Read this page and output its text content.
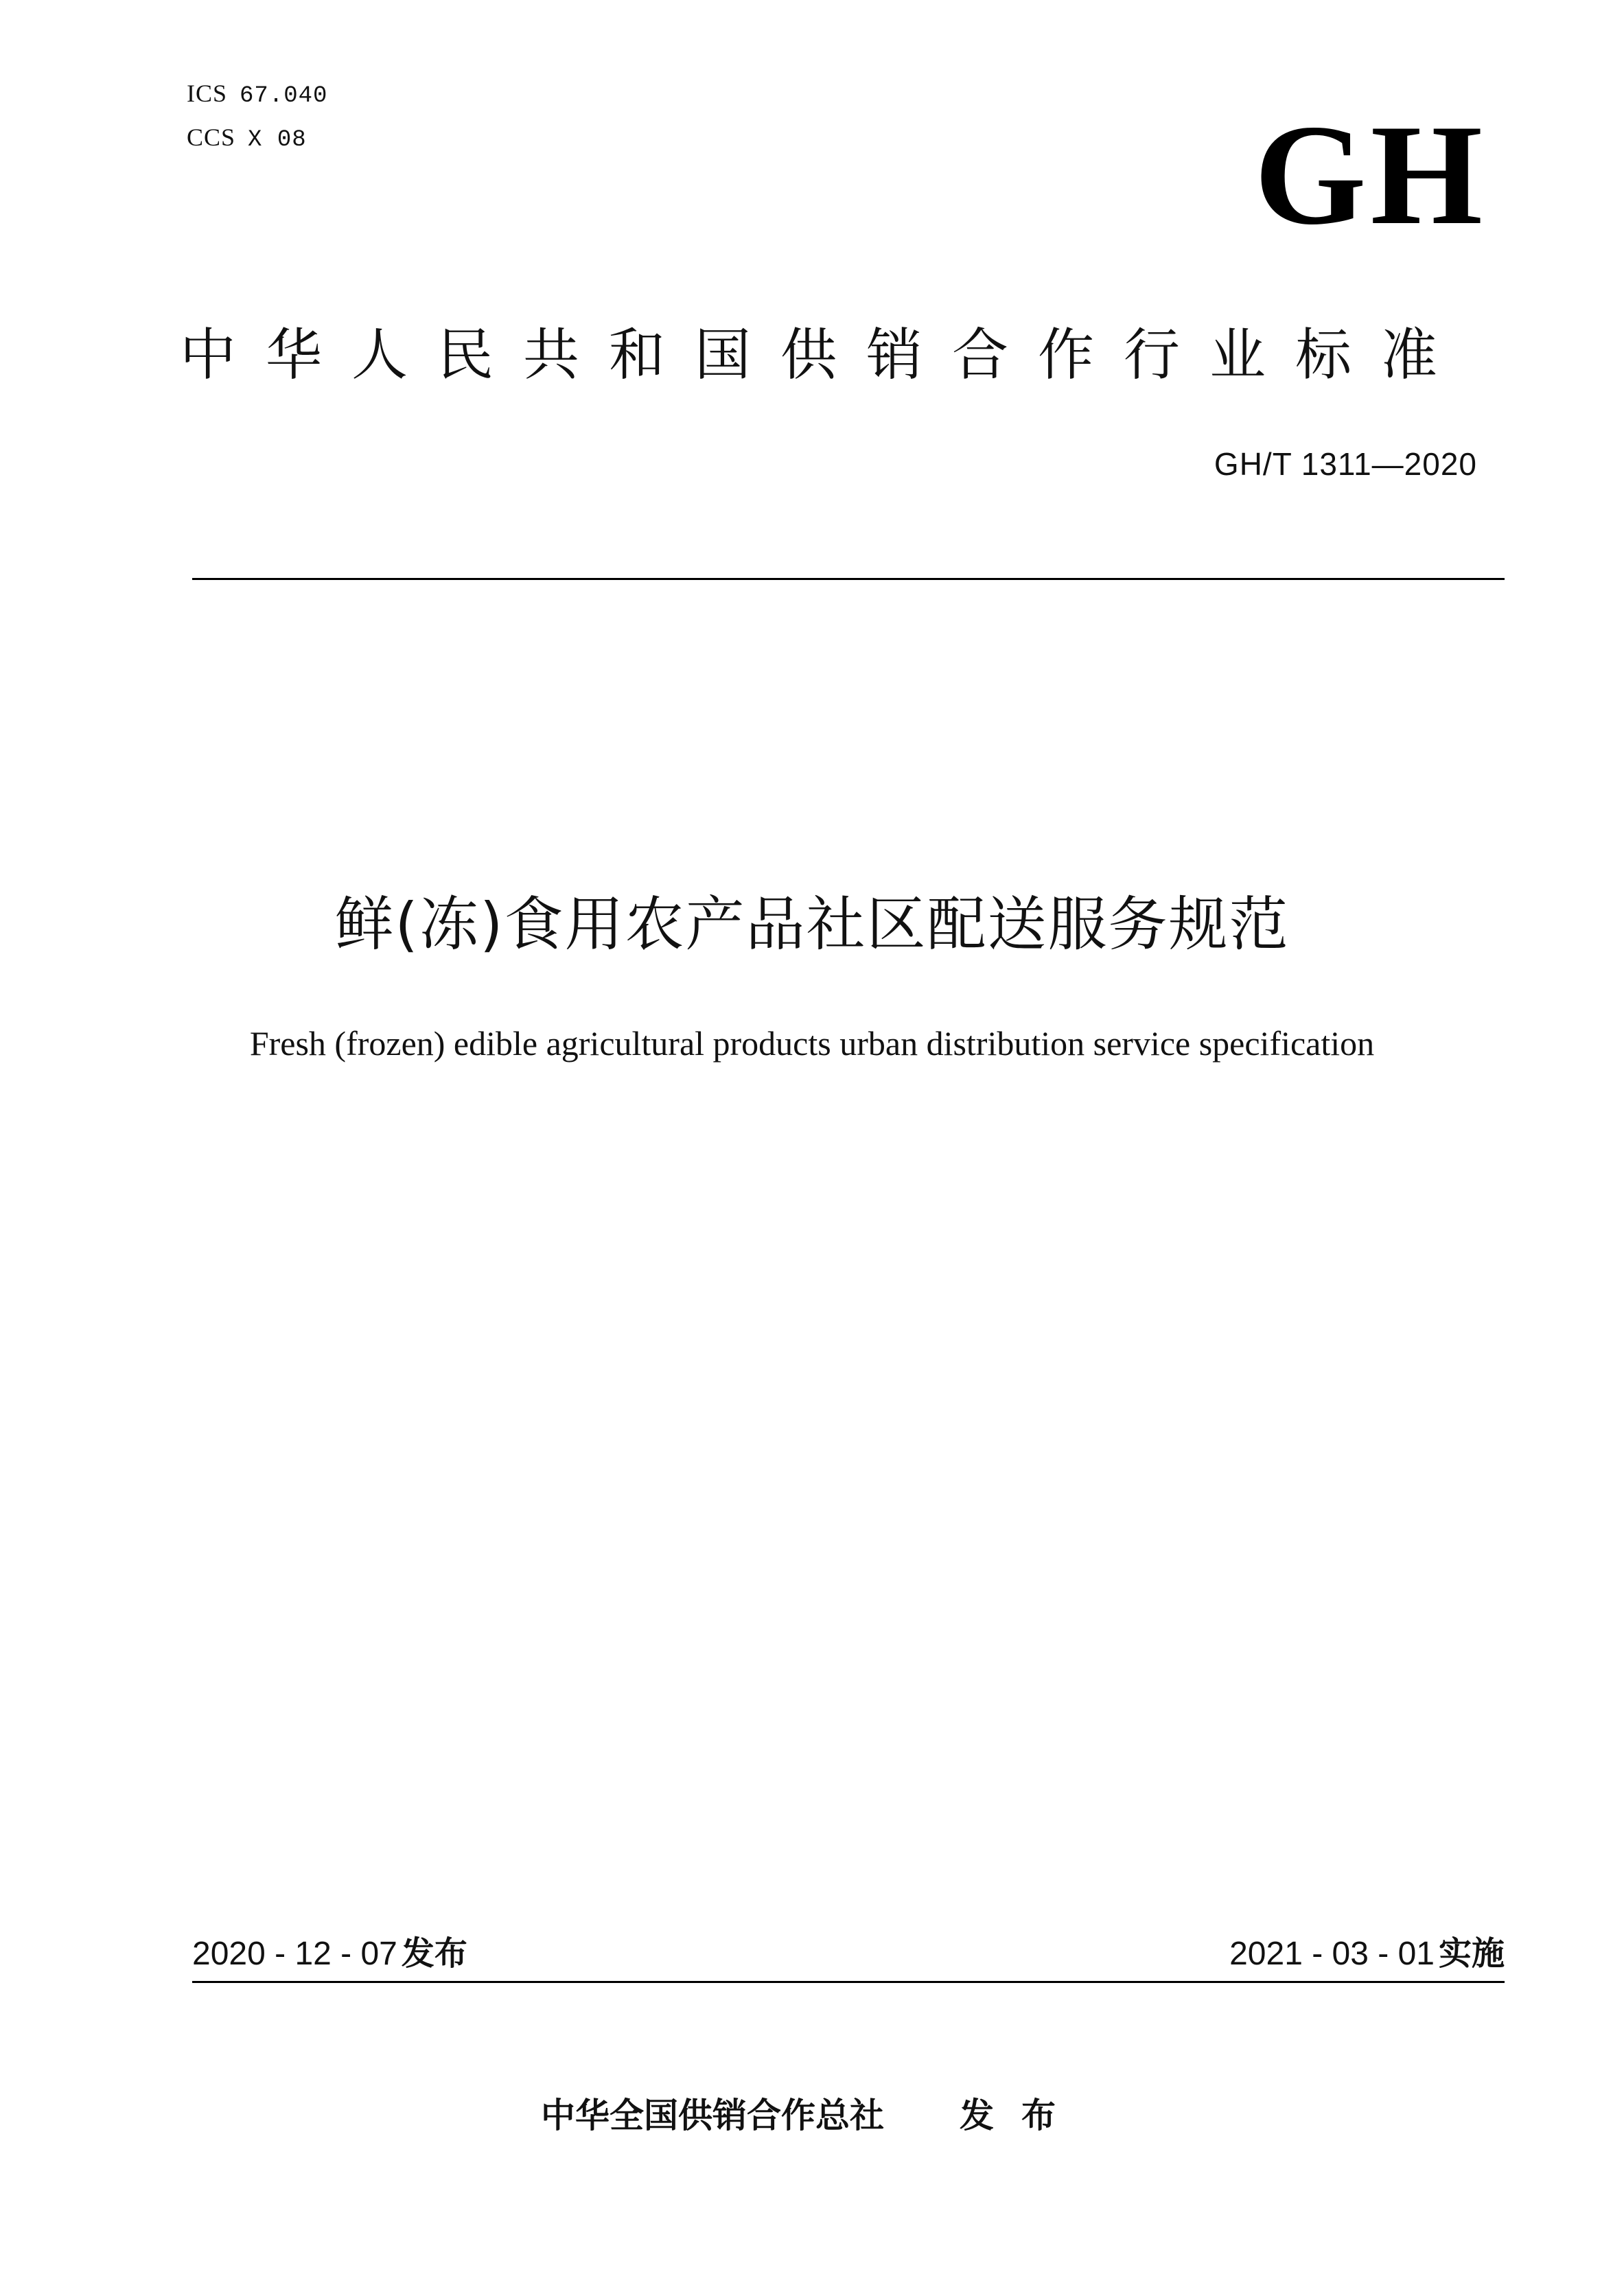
ICS 67.040
CCS X 08	GH
中华人民共和国供销合作行业标准
GH/T 1311—2020
鲜(冻)食用农产品社区配送服务规范
Fresh (frozen) edible agricultural products urban distribution service specification
2020 - 12 - 07 发布	2021 - 03 - 01 实施
中华全国供销合作总社 发布
